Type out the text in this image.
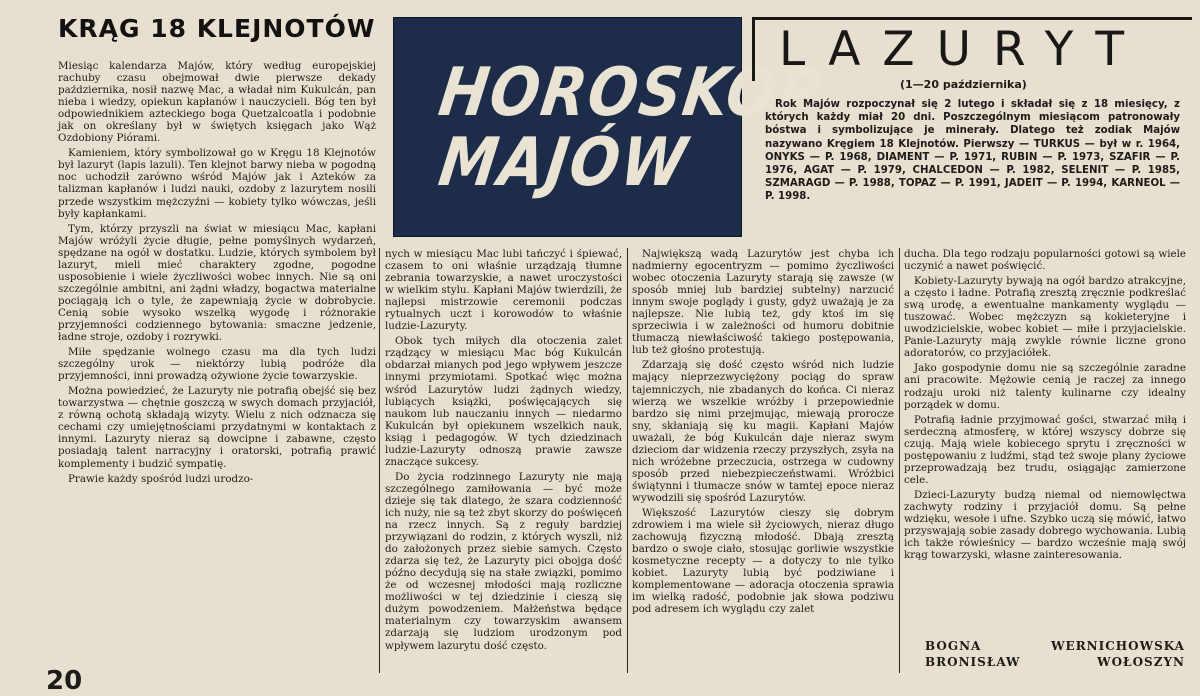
KRĄG 18 KLEJNOTÓW

Miesiąc kalendarza Majów, który według europejskiej rachuby czasu obejmował dwie pierwsze dekady października, nosił nazwę Mac, a władał nim Kukulcán, pan nieba i wiedzy, opiekun kapłanów i nauczycieli. Bóg ten był odpowiednikiem azteckiego boga Quetzalcoatla i podobnie jak on określany był w świętych księgach jako Wąż Ozdobiony Piórami.

Kamieniem, który symbolizował go w Kręgu 18 Klejnotów był lazuryt (lapis lazuli). Ten klejnot barwy nieba w pogodną noc uchodził zarówno wśród Majów jak i Azteków za talizman kapłanów i ludzi nauki, ozdoby z lazurytem nosili przede wszystkim mężczyźni — kobiety tylko wówczas, jeśli były kapłankami.

Tym, którzy przyszli na świat w miesiącu Mac, kapłani Majów wróżyli życie długie, pełne pomyślnych wydarzeń, spędzane na ogół w dostatku. Ludzie, których symbolem był lazuryt, mieli mieć charaktery zgodne, pogodne usposobienie i wiele życzliwości wobec innych. Nie są oni szczególnie ambitni, ani żądni władzy, bogactwa materialne pociągają ich o tyle, że zapewniają życie w dobrobycie. Cenią sobie wysoko wszelką wygodę i różnorakie przyjemności codziennego bytowania: smaczne jedzenie, ładne stroje, ozdoby i rozrywki.

Miłe spędzanie wolnego czasu ma dla tych ludzi szczególny urok — niektórzy lubią podróże dla przyjemności, inni prowadzą ożywione życie towarzyskie.

Można powiedzieć, że Lazuryty nie potrafią obejść się bez towarzystwa — chętnie goszczą w swych domach przyjaciół, z równą ochotą składają wizyty. Wielu z nich odznacza się cechami czy umiejętnościami przydatnymi w kontaktach z innymi. Lazuryty nieraz są dowcipne i zabawne, często posiadają talent narracyjny i oratorski, potrafią prawić komplementy i budzić sympatię.

Prawie każdy spośród ludzi urodzo-

HOROSKOP
MAJÓW
LAZURYT
(1—20 października)

Rok Majów rozpoczynał się 2 lutego i składał się z 18 miesięcy, z których każdy miał 20 dni. Poszczególnym miesiącom patronowały bóstwa i symbolizujące je minerały. Dlatego też zodiak Majów nazywano Kręgiem 18 Klejnotów. Pierwszy — TURKUS — był w r. 1964, ONYKS — P. 1968, DIAMENT — P. 1971, RUBIN — P. 1973, SZAFIR — P. 1976, AGAT — P. 1979, CHALCEDON — P. 1982, SELENIT — P. 1985, SZMARAGD — P. 1988, TOPAZ — P. 1991, JADEIT — P. 1994, KARNEOL — P. 1998.

nych w miesiącu Mac lubi tańczyć i śpiewać, czasem to oni właśnie urządzają tłumne zebrania towarzyskie, a nawet uroczystości w wielkim stylu. Kapłani Majów twierdzili, że najlepsi mistrzowie ceremonii podczas rytualnych uczt i korowodów to właśnie ludzie-Lazuryty.

Obok tych miłych dla otoczenia zalet rządzący w miesiącu Mac bóg Kukulcán obdarzał mianych pod jego wpływem jeszcze innymi przymiotami. Spotkać więc można wśród Lazurytów ludzi żądnych wiedzy, lubiących książki, poświęcających się naukom lub nauczaniu innych — niedarmo Kukulcán był opiekunem wszelkich nauk, ksiąg i pedagogów. W tych dziedzinach ludzie-Lazuryty odnoszą prawie zawsze znaczące sukcesy.

Do życia rodzinnego Lazuryty nie mają szczególnego zamiłowania — być może dzieje się tak dlatego, że szara codzienność ich nuży, nie są też zbyt skorzy do poświęceń na rzecz innych. Są z reguły bardziej przywiązani do rodzin, z których wyszli, niż do założonych przez siebie samych. Często zdarza się też, że Lazuryty pici obojga dość późno decydują się na stałe związki, pomimo że od wczesnej młodości mają rozliczne możliwości w tej dziedzinie i cieszą się dużym powodzeniem. Małżeństwa będące materialnym czy towarzyskim awansem zdarzają się ludziom urodzonym pod wpływem lazurytu dość często.

Największą wadą Lazurytów jest chyba ich nadmierny egocentryzm — pomimo życzliwości wobec otoczenia Lazuryty starają się zawsze (w sposób mniej lub bardziej subtelny) narzucić innym swoje poglądy i gusty, gdyż uważają je za najlepsze. Nie lubią też, gdy ktoś im się sprzeciwia i w zależności od humoru dobitnie tłumaczą niewłaściwość takiego postępowania, lub też głośno protestują.

Zdarzają się dość często wśród nich ludzie mający nieprzezwyciężony pociąg do spraw tajemniczych, nie zbadanych do końca. Ci nieraz wierzą we wszelkie wróżby i przepowiednie bardzo się nimi przejmując, miewają prorocze sny, skłaniają się ku magii. Kapłani Majów uważali, że bóg Kukulcán daje nieraz swym dzieciom dar widzenia rzeczy przyszłych, zsyła na nich wróżebne przeczucia, ostrzega w cudowny sposób przed niebezpieczeństwami. Wróżbici świątynni i tłumacze snów w tamtej epoce nieraz wywodzili się spośród Lazurytów.

Większość Lazurytów cieszy się dobrym zdrowiem i ma wiele sił życiowych, nieraz długo zachowują fizyczną młodość. Dbają zresztą bardzo o swoje ciało, stosując gorliwie wszystkie kosmetyczne recepty — a dotyczy to nie tylko kobiet. Lazuryty lubią być podziwiane i komplementowane — adoracja otoczenia sprawia im wielką radość, podobnie jak słowa podziwu pod adresem ich wyglądu czy zalet

ducha. Dla tego rodzaju popularności gotowi są wiele uczynić a nawet poświęcić.

Kobiety-Lazuryty bywają na ogół bardzo atrakcyjne, a często i ładne. Potrafią zresztą zręcznie podkreślać swą urodę, a ewentualne mankamenty wyglądu — tuszować. Wobec mężczyzn są kokieteryjne i uwodzicielskie, wobec kobiet — miłe i przyjacielskie. Panie-Lazuryty mają zwykle równie liczne grono adoratorów, co przyjaciółek.

Jako gospodynie domu nie są szczególnie zaradne ani pracowite. Mężowie cenią je raczej za innego rodzaju uroki niż talenty kulinarne czy idealny porządek w domu.

Potrafią ładnie przyjmować gości, stwarzać miłą i serdeczną atmosferę, w której wszyscy dobrze się czują. Mają wiele kobiecego sprytu i zręczności w postępowaniu z ludźmi, stąd też swoje plany życiowe przeprowadzają bez trudu, osiągając zamierzone cele.

Dzieci-Lazuryty budzą niemal od niemowlęctwa zachwyty rodziny i przyjaciół domu. Są pełne wdzięku, wesołe i ufne. Szybko uczą się mówić, łatwo przyswajają sobie zasady dobrego wychowania. Lubią ich także rówieśnicy — bardzo wcześnie mają swój krąg towarzyski, własne zainteresowania.

BOGNA	WERNICHOWSKA
BRONISŁAW	WOŁOSZYN
20
